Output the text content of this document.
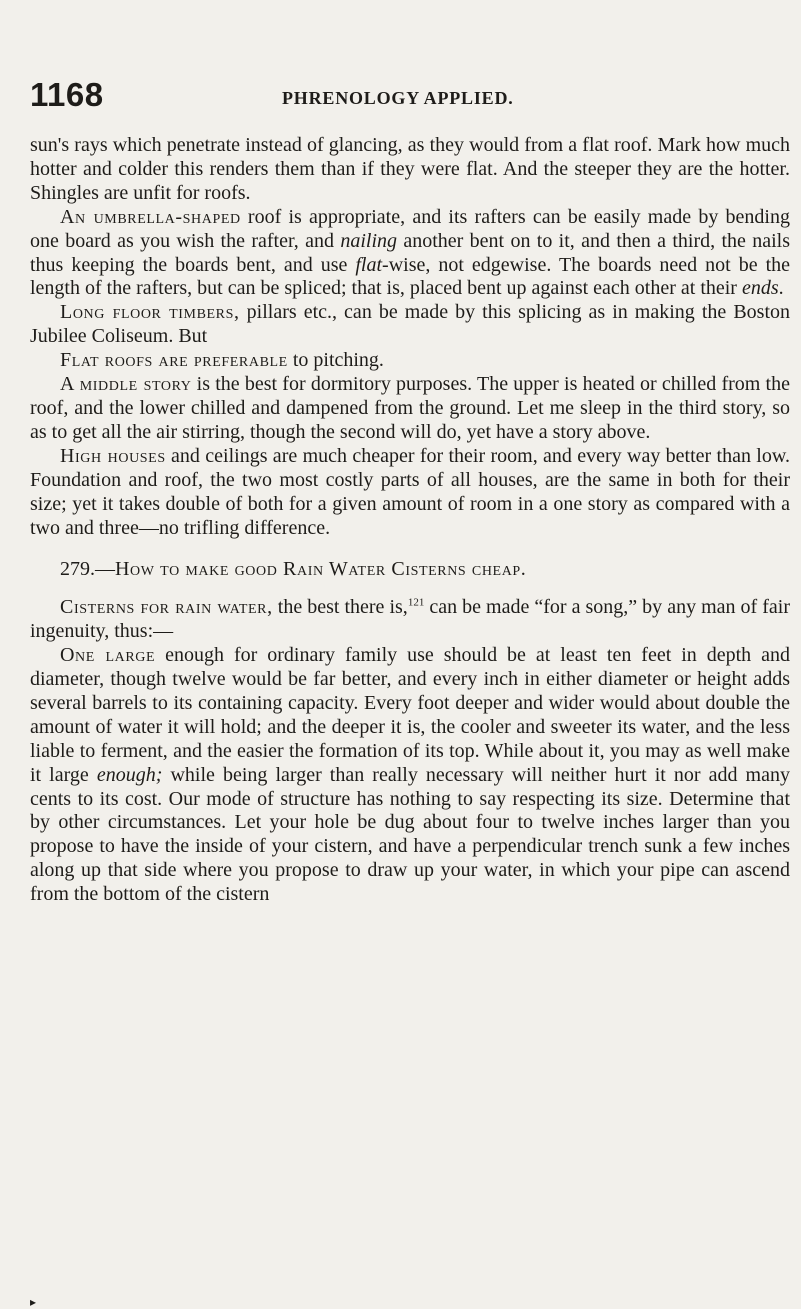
1168	PHRENOLOGY APPLIED.

sun's rays which penetrate instead of glancing, as they would from a flat roof. Mark how much hotter and colder this renders them than if they were flat. And the steeper they are the hotter. Shingles are unfit for roofs.

An umbrella-shaped roof is appropriate, and its rafters can be easily made by bending one board as you wish the rafter, and nailing another bent on to it, and then a third, the nails thus keeping the boards bent, and use flat-wise, not edgewise. The boards need not be the length of the rafters, but can be spliced; that is, placed bent up against each other at their ends.

Long floor timbers, pillars etc., can be made by this splicing as in making the Boston Jubilee Coliseum. But

Flat roofs are preferable to pitching.

A middle story is the best for dormitory purposes. The upper is heated or chilled from the roof, and the lower chilled and dampened from the ground. Let me sleep in the third story, so as to get all the air stirring, though the second will do, yet have a story above.

High houses and ceilings are much cheaper for their room, and every way better than low. Foundation and roof, the two most costly parts of all houses, are the same in both for their size; yet it takes double of both for a given amount of room in a one story as compared with a two and three—no trifling difference.

279.—How to make good Rain Water Cisterns cheap.

Cisterns for rain water, the best there is,$^{121}$ can be made “for a song,” by any man of fair ingenuity, thus:—

One large enough for ordinary family use should be at least ten feet in depth and diameter, though twelve would be far better, and every inch in either diameter or height adds several barrels to its containing capacity. Every foot deeper and wider would about double the amount of water it will hold; and the deeper it is, the cooler and sweeter its water, and the less liable to ferment, and the easier the formation of its top. While about it, you may as well make it large enough; while being larger than really necessary will neither hurt it nor add many cents to its cost. Our mode of structure has nothing to say respecting its size. Determine that by other circumstances. Let your hole be dug about four to twelve inches larger than you propose to have the inside of your cistern, and have a perpendicular trench sunk a few inches along up that side where you propose to draw up your water, in which your pipe can ascend from the bottom of the cistern

▸
